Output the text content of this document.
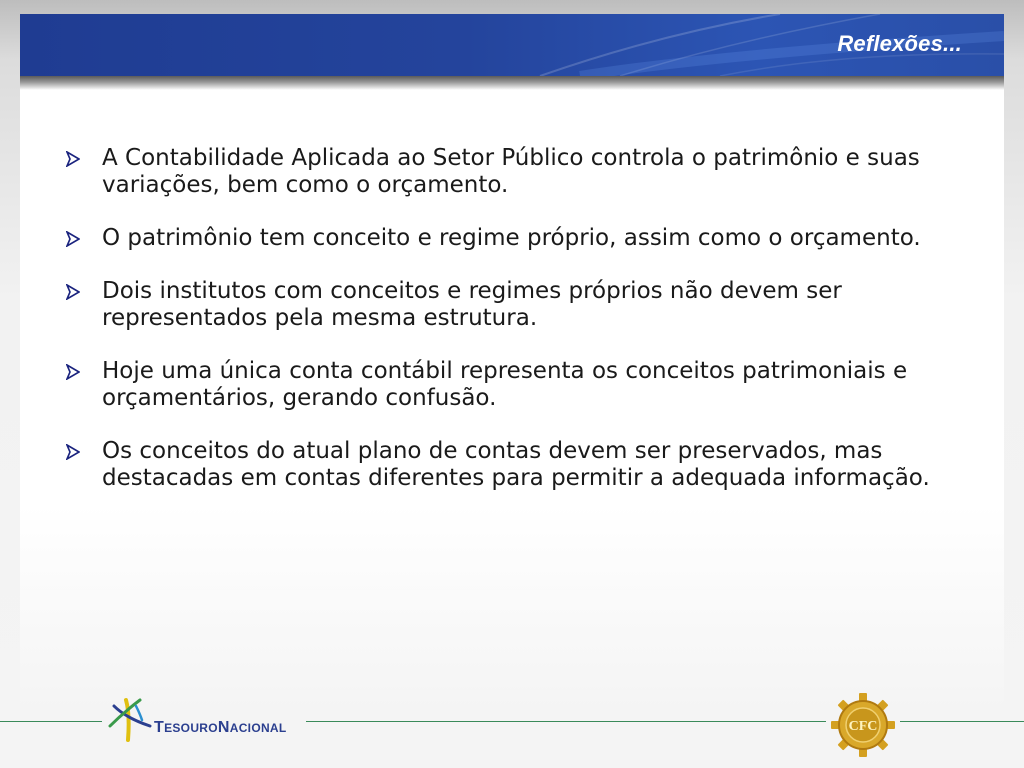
Reflexões...
A Contabilidade Aplicada ao Setor Público controla o patrimônio e suas variações, bem como o orçamento.
O patrimônio tem conceito e regime próprio, assim como o orçamento.
Dois institutos com conceitos e regimes próprios não devem ser representados pela mesma estrutura.
Hoje uma única conta contábil representa os conceitos patrimoniais e orçamentários, gerando confusão.
Os conceitos do atual plano de contas devem ser preservados, mas destacadas em contas diferentes para permitir a adequada informação.
TESOURONACIONAL	CFC
